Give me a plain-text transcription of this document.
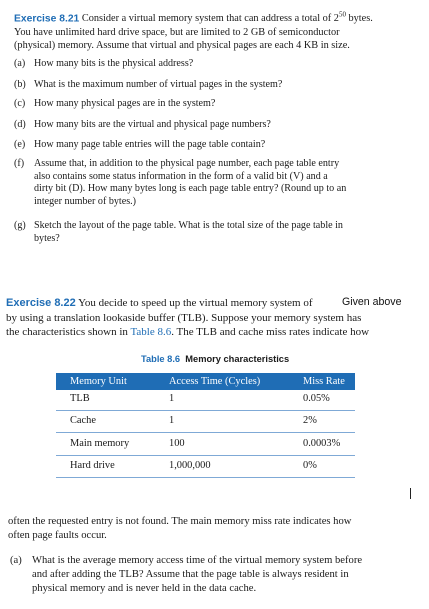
Exercise 8.21 Consider a virtual memory system that can address a total of $2^{50}$ bytes.
You have unlimited hard drive space, but are limited to 2 GB of semiconductor
(physical) memory. Assume that virtual and physical pages are each 4 KB in size.
(a) How many bits is the physical address?
(b) What is the maximum number of virtual pages in the system?
(c) How many physical pages are in the system?
(d) How many bits are the virtual and physical page numbers?
(e) How many page table entries will the page table contain?
(f) Assume that, in addition to the physical page number, each page table entry
also contains some status information in the form of a valid bit (V) and a
dirty bit (D). How many bytes long is each page table entry? (Round up to an
integer number of bytes.)
(g) Sketch the layout of the page table. What is the total size of the page table in
bytes?
Exercise 8.22 You decide to speed up the virtual memory system of
by using a translation lookaside buffer (TLB). Suppose your memory system has
the characteristics shown in Table 8.6. The TLB and cache miss rates indicate how
Given above
Table 8.6 Memory characteristics
Memory Unit	Access Time (Cycles)	Miss Rate
TLB	1	0.05%
Cache	1	2%
Main memory	100	0.0003%
Hard drive	1,000,000	0%
often the requested entry is not found. The main memory miss rate indicates how
often page faults occur.
(a) What is the average memory access time of the virtual memory system before
and after adding the TLB? Assume that the page table is always resident in
physical memory and is never held in the data cache.
